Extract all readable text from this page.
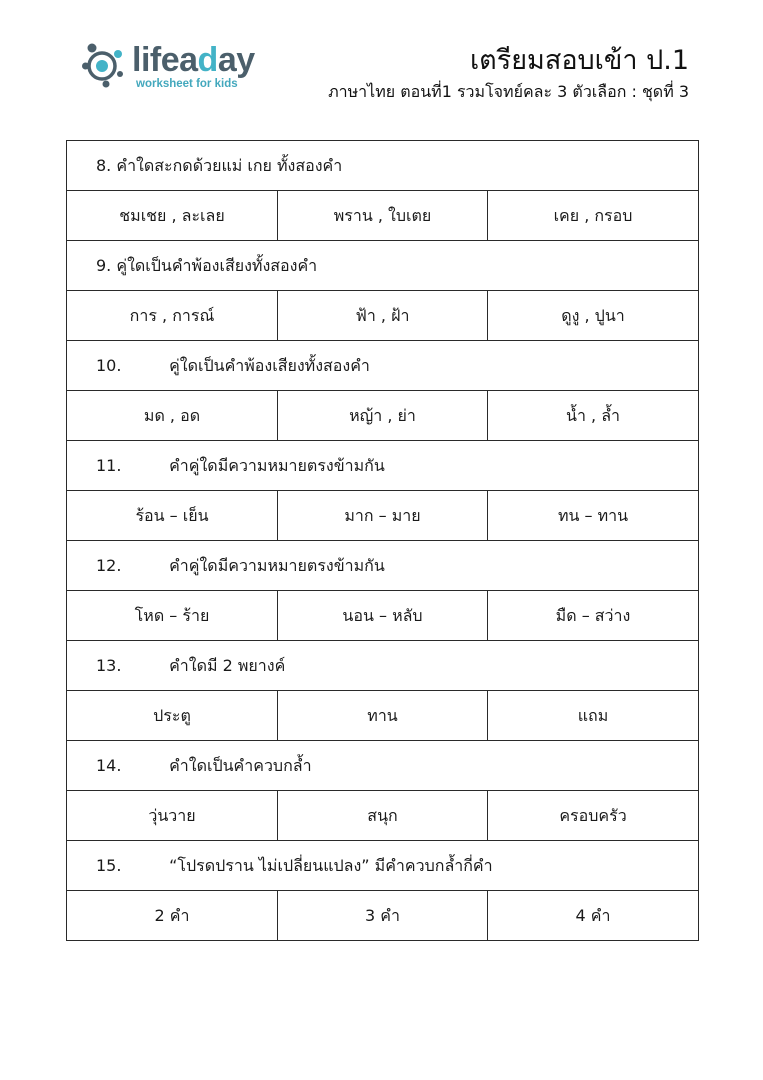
lifeaday
worksheet for kids
เตรียมสอบเข้า ป.1
ภาษาไทย ตอนที่1 รวมโจทย์คละ 3 ตัวเลือก : ชุดที่ 3
8. คำใดสะกดด้วยแม่ เกย ทั้งสองคำ		
ชมเชย , ละเลย	พราน , ใบเตย	เคย , กรอบ
9. คู่ใดเป็นคำพ้องเสียงทั้งสองคำ		
การ , การณ์	ฟ้า , ฝ้า	ดูงู , ปูนา
10. คู่ใดเป็นคำพ้องเสียงทั้งสองคำ		
มด , อด	หญ้า , ย่า	น้ำ , ล้ำ
11. คำคู่ใดมีความหมายตรงข้ามกัน		
ร้อน – เย็น	มาก – มาย	ทน – ทาน
12. คำคู่ใดมีความหมายตรงข้ามกัน		
โหด – ร้าย	นอน – หลับ	มืด – สว่าง
13. คำใดมี 2 พยางค์		
ประตู	ทาน	แถม
14. คำใดเป็นคำควบกล้ำ		
วุ่นวาย	สนุก	ครอบครัว
15. “โปรดปราน ไม่เปลี่ยนแปลง” มีคำควบกล้ำกี่คำ		
2 คำ	3 คำ	4 คำ
